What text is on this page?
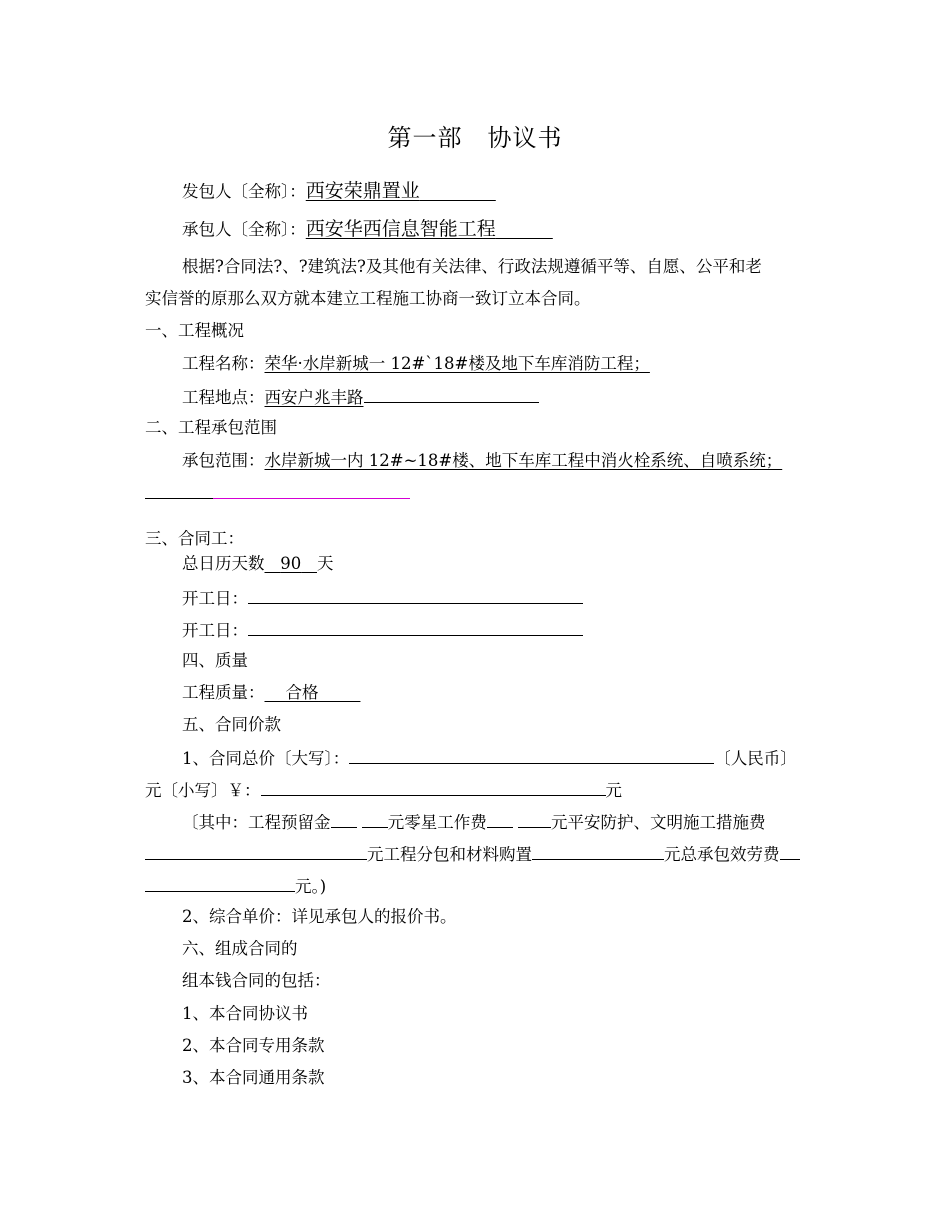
第一部　协议书
发包人〔全称〕：西安荣鼎置业　　　　
承包人〔全称〕：西安华西信息智能工程　　　
根据?合同法?、?建筑法?及其他有关法律、行政法规遵循平等、自愿、公平和老
实信誉的原那么双方就本建立工程施工协商一致订立本合同。
一、工程概况
工程名称：荣华·水岸新城一 12#`18#楼及地下车库消防工程；
工程地点：西安户兆丰路
二、工程承包范围
承包范围：水岸新城一内 12#~18#楼、地下车库工程中消火栓系统、自喷系统；
三、合同工：
总日历天数 90 天
开工日：
开工日：
四、质量
工程质量： 合格
五、合同价款
1、合同总价〔大写〕：	〔人民币〕
元〔小写〕￥：	元
〔其中：工程预留金	元零星工作费	元平安防护、文明施工措施费
元工程分包和材料购置	元总承包效劳费
元。)
2、综合单价：详见承包人的报价书。
六、组成合同的
组本钱合同的包括：
1、本合同协议书
2、本合同专用条款
3、本合同通用条款
